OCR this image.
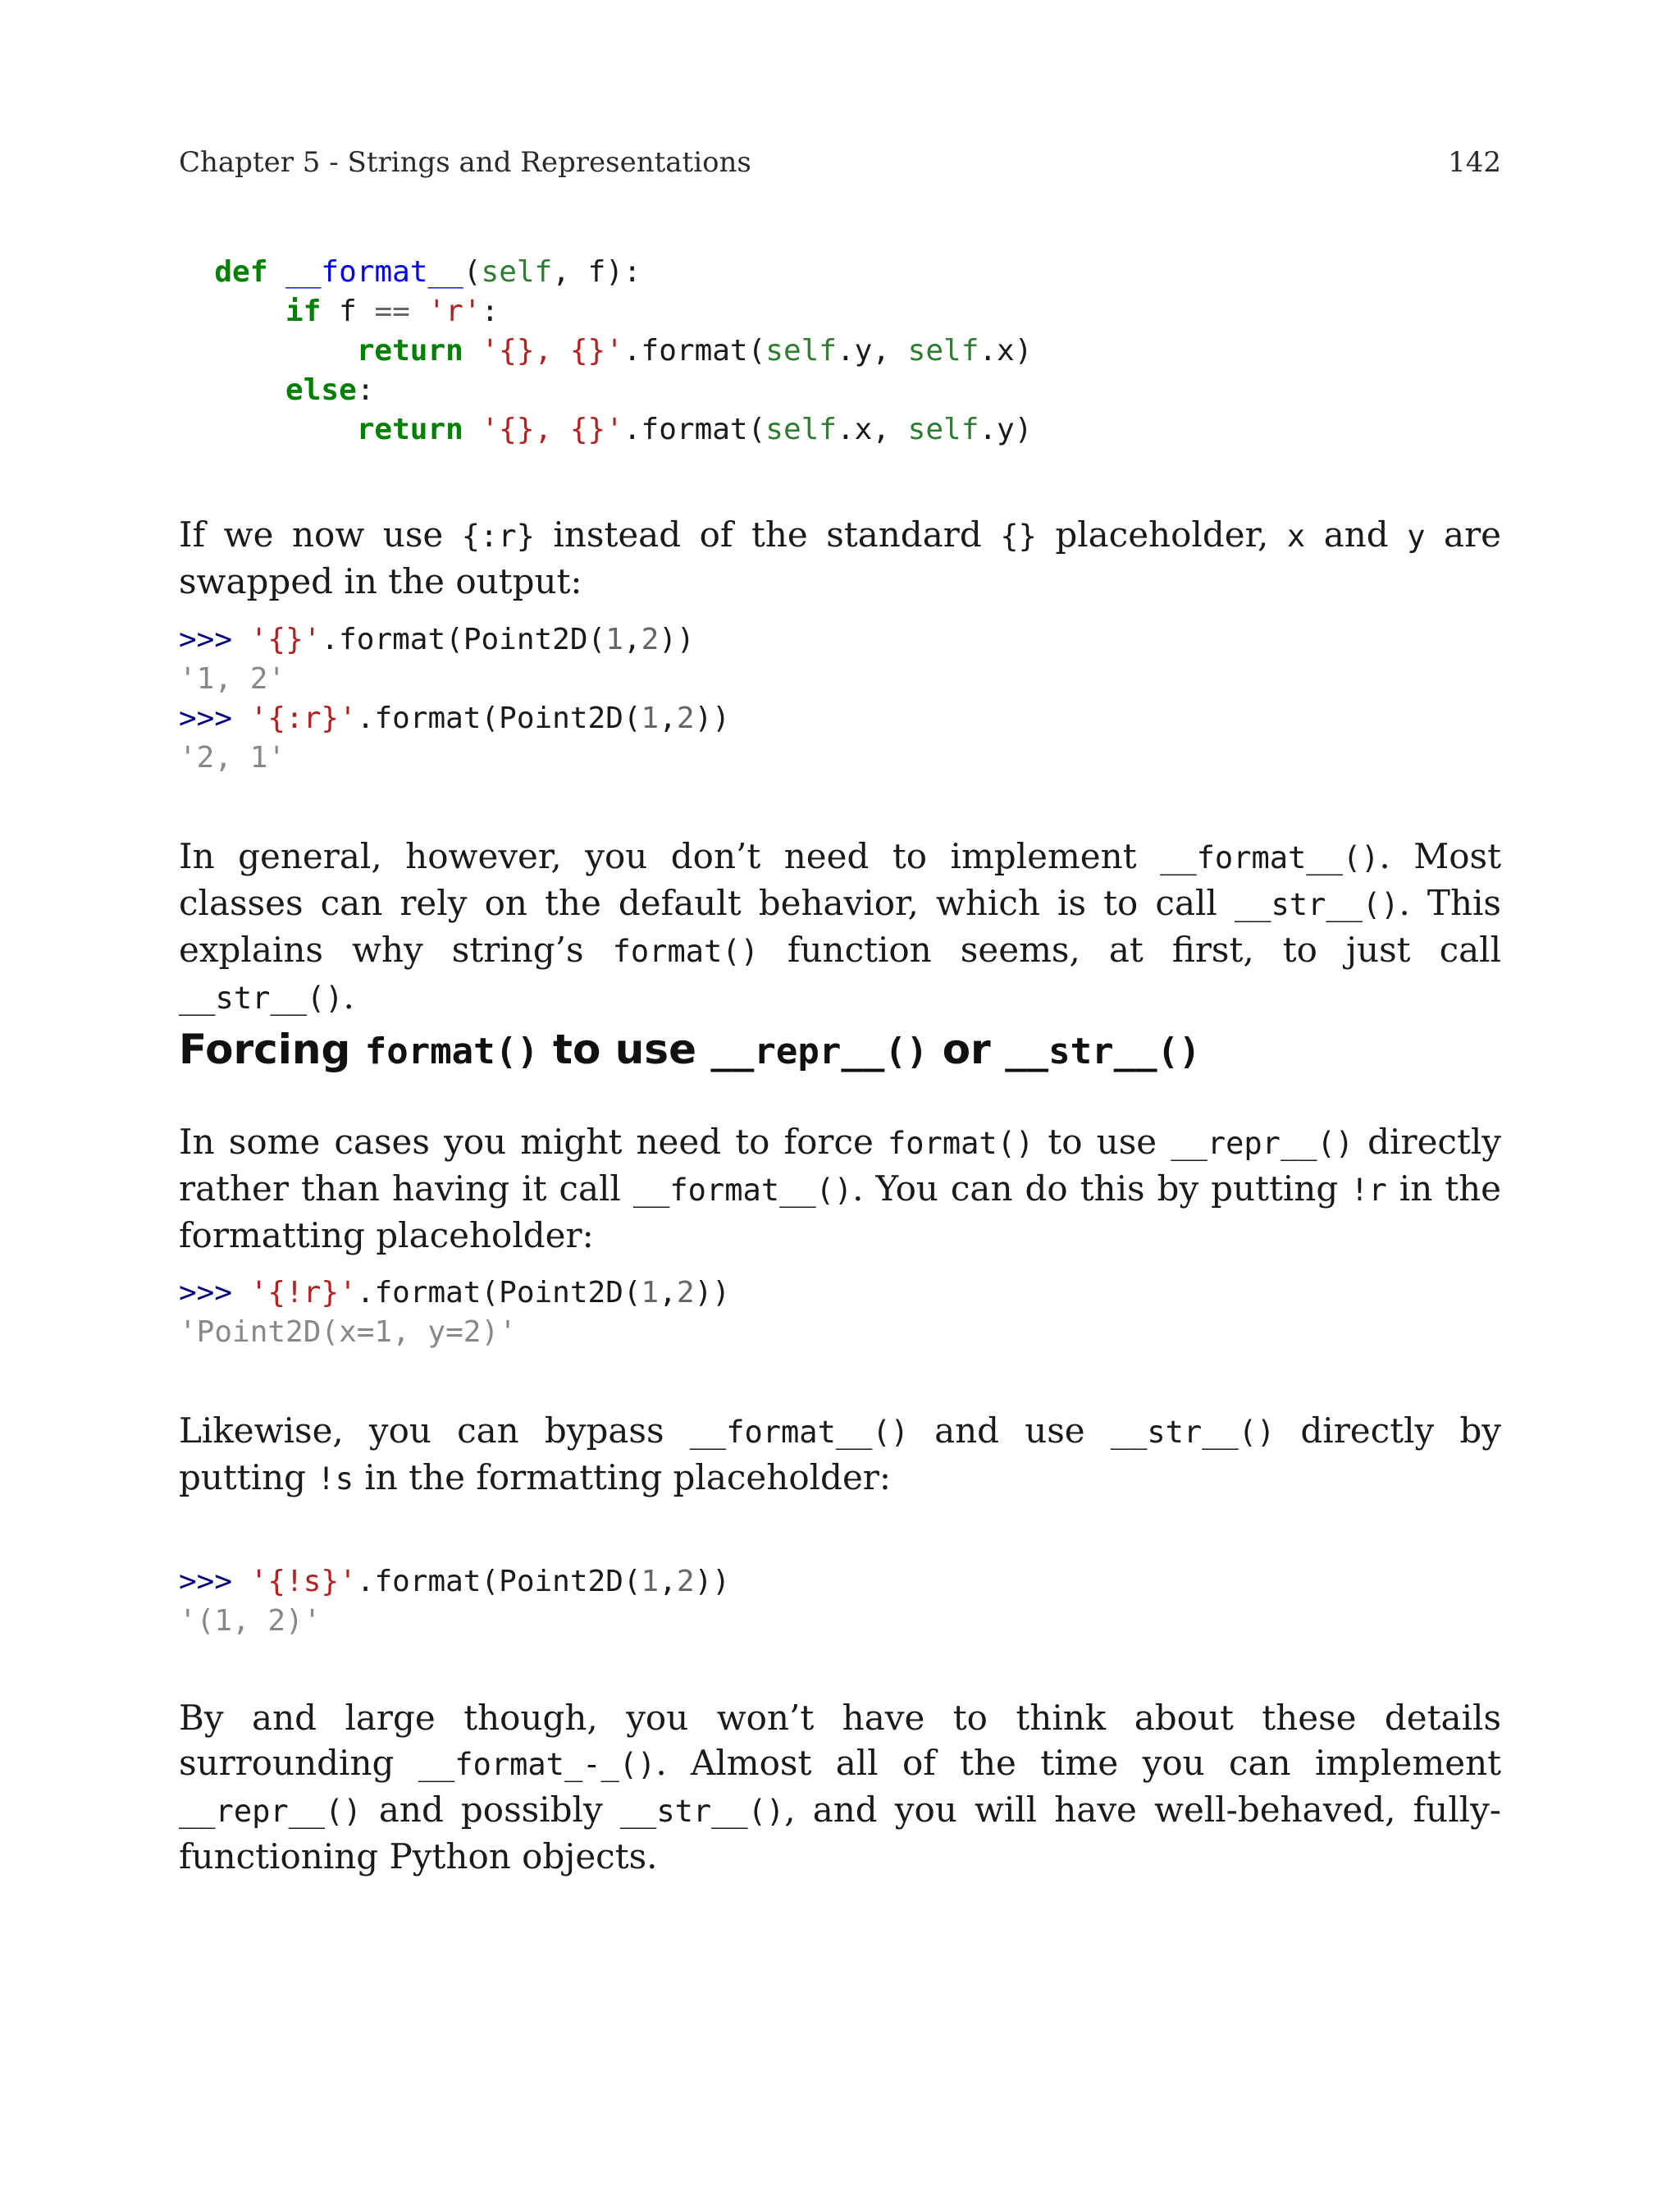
Chapter 5 - Strings and Representations	142
def __format__(self, f):
if f == 'r':
return '{}, {}'.format(self.y, self.x)
else:
return '{}, {}'.format(self.x, self.y)

If we now use {:r} instead of the standard {} placeholder, x and y are swapped in the output:

>>> '{}'.format(Point2D(1,2))
'1, 2'
>>> '{:r}'.format(Point2D(1,2))
'2, 1'

In general, however, you don’t need to implement __format__(). Most classes can rely on the default behavior, which is to call __str__(). This explains why string’s format() function seems, at first, to just call __str__().

Forcing format() to use __repr__() or __str__()

In some cases you might need to force format() to use __repr__() directly rather than having it call __format__(). You can do this by putting !r in the formatting placeholder:

>>> '{!r}'.format(Point2D(1,2))
'Point2D(x=1, y=2)'

Likewise, you can bypass __format__() and use __str__() directly by putting !s in the formatting placeholder:

>>> '{!s}'.format(Point2D(1,2))
'(1, 2)'

By and large though, you won’t have to think about these details surrounding __format_-_(). Almost all of the time you can implement __repr__() and possibly __str__(), and you will have well-behaved, fully-functioning Python objects.
